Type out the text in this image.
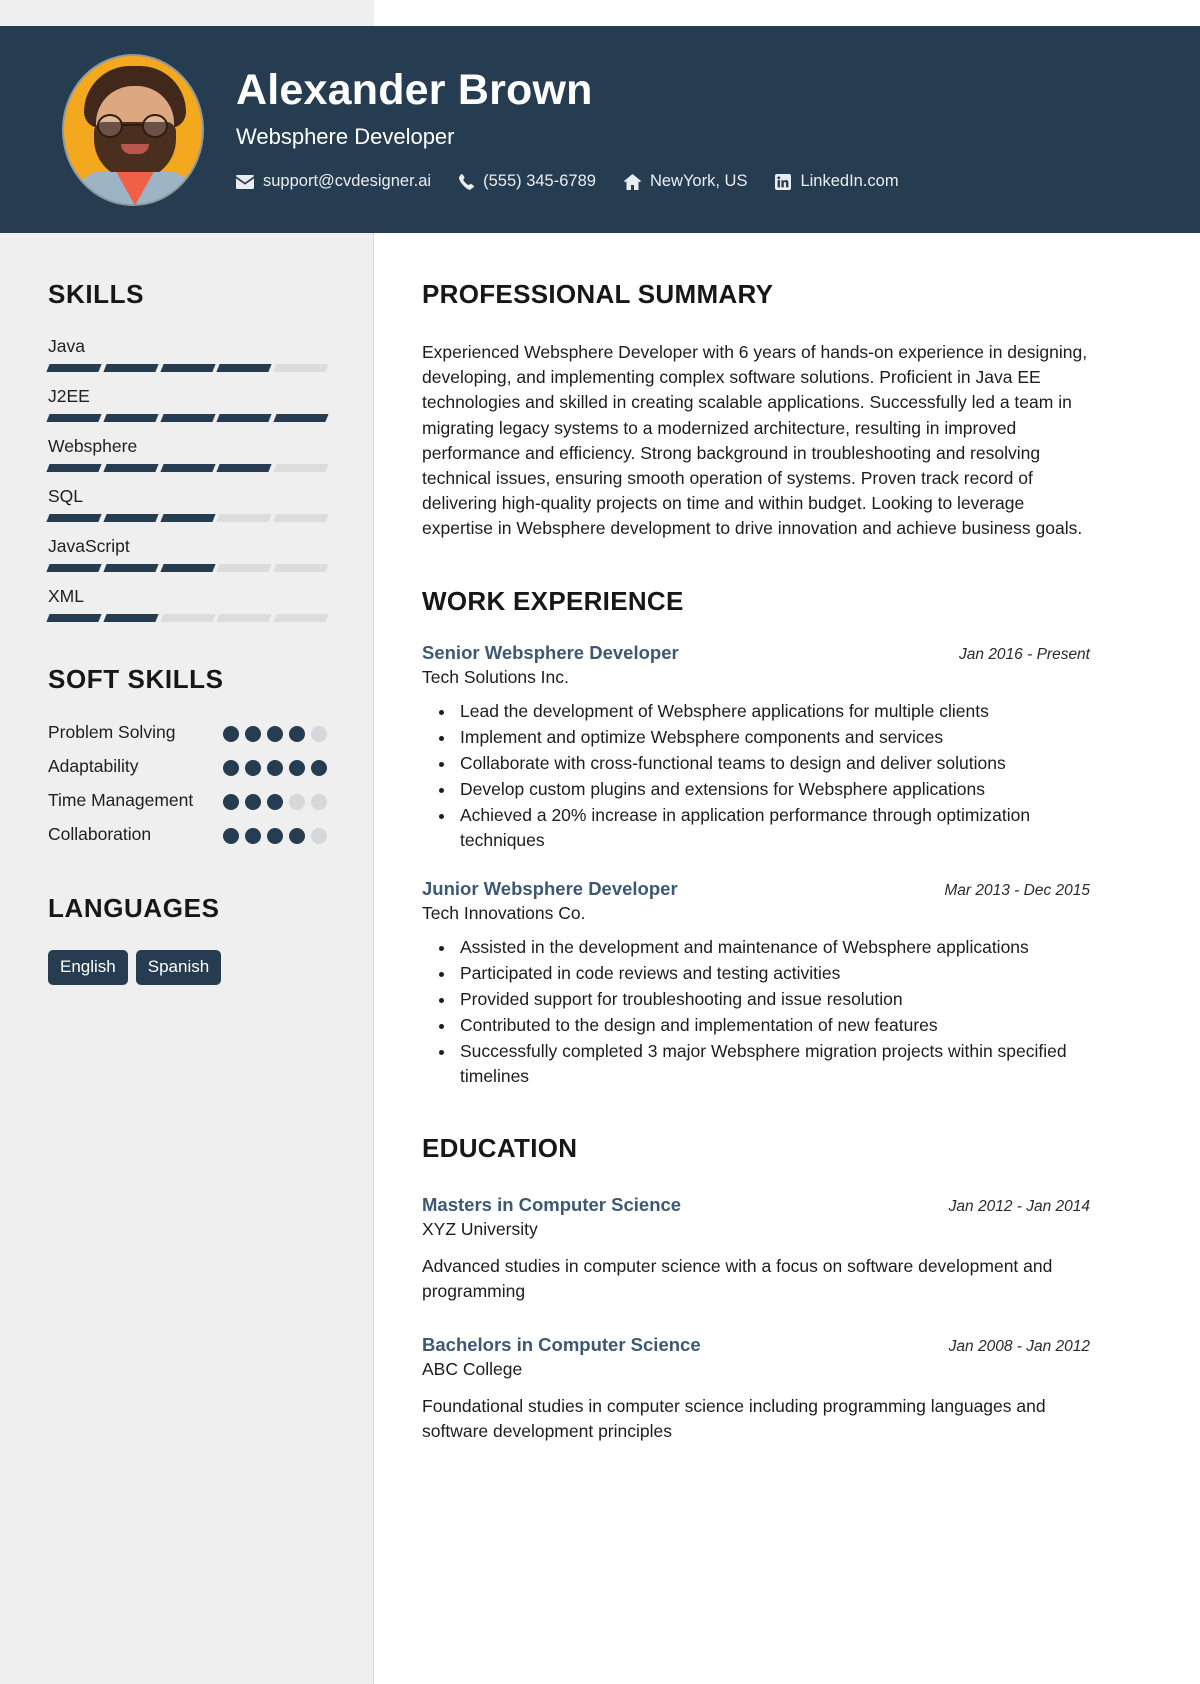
Alexander Brown
Websphere Developer
support@cvdesigner.ai	(555) 345-6789	NewYork, US	LinkedIn.com
SKILLS
Java
J2EE
Websphere
SQL
JavaScript
XML
SOFT SKILLS
Problem Solving
Adaptability
Time Management
Collaboration
LANGUAGES
English	Spanish
PROFESSIONAL SUMMARY
Experienced Websphere Developer with 6 years of hands-on experience in designing, developing, and implementing complex software solutions. Proficient in Java EE technologies and skilled in creating scalable applications. Successfully led a team in migrating legacy systems to a modernized architecture, resulting in improved performance and efficiency. Strong background in troubleshooting and resolving technical issues, ensuring smooth operation of systems. Proven track record of delivering high-quality projects on time and within budget. Looking to leverage expertise in Websphere development to drive innovation and achieve business goals.
WORK EXPERIENCE
Senior Websphere Developer	Jan 2016 - Present
Tech Solutions Inc.
• Lead the development of Websphere applications for multiple clients
• Implement and optimize Websphere components and services
• Collaborate with cross-functional teams to design and deliver solutions
• Develop custom plugins and extensions for Websphere applications
• Achieved a 20% increase in application performance through optimization techniques
Junior Websphere Developer	Mar 2013 - Dec 2015
Tech Innovations Co.
• Assisted in the development and maintenance of Websphere applications
• Participated in code reviews and testing activities
• Provided support for troubleshooting and issue resolution
• Contributed to the design and implementation of new features
• Successfully completed 3 major Websphere migration projects within specified timelines
EDUCATION
Masters in Computer Science	Jan 2012 - Jan 2014
XYZ University
Advanced studies in computer science with a focus on software development and programming
Bachelors in Computer Science	Jan 2008 - Jan 2012
ABC College
Foundational studies in computer science including programming languages and software development principles
